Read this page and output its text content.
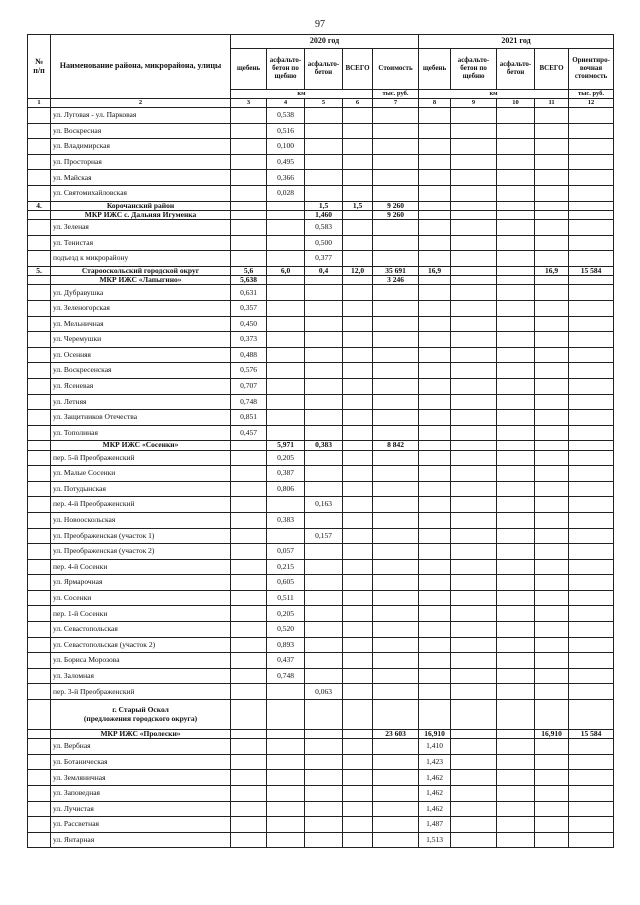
97
№
п/п	Наименование района, микрорайона, улицы	2020 год					2021 год				
		щебень	асфальто-бетон по щебню	асфальто-бетон	ВСЕГО	Стоимость	щебень	асфальто-бетон по щебню	асфальто-бетон	ВСЕГО	Ориентиро-вочная стоимость
		км				тыс. руб.	км				тыс. руб.
1	2	3	4	5	6	7	8	9	10	11	12
	ул. Луговая - ул. Парковая		0,538								
	ул. Воскресная		0,516								
	ул. Владимирская		0,100								
	ул. Просторная		0,495								
	ул. Майская		0,366								
	ул. Святомихайловская		0,028								
4.	Корочанский район			1,5	1,5	9 260					
	МКР ИЖС с. Дальняя Игуменка			1,460		9 260					
	ул. Зеленая			0,583							
	ул. Тенистая			0,500							
	подъезд к микрорайону			0,377							
5.	Старооскольский городской округ	5,6	6,0	0,4	12,0	35 691	16,9			16,9	15 584
	МКР ИЖС «Лапыгино»	5,638				3 246					
	ул. Дубравушка	0,631									
	ул. Зеленогорская	0,357									
	ул. Мельничная	0,450									
	ул. Черемушки	0,373									
	ул. Осенняя	0,488									
	ул. Воскресенская	0,576									
	ул. Ясеневая	0,707									
	ул. Летняя	0,748									
	ул. Защитников Отечества	0,851									
	ул. Тополиная	0,457									
	МКР ИЖС «Сосенки»		5,971	0,383		8 842					
	пер. 5-й Преображенский		0,205								
	ул. Малые Сосенки		0,387								
	ул. Потудынская		0,806								
	пер. 4-й Преображенский			0,163							
	ул. Новооскольская		0,383								
	ул. Преображенская (участок 1)			0,157							
	ул. Преображенская (участок 2)		0,057								
	пер. 4-й Сосенки		0,215								
	ул. Ярмарочная		0,605								
	ул. Сосенки		0,511								
	пер. 1-й Сосенки		0,205								
	ул. Севастопольская		0,520								
	ул. Севастопольская (участок 2)		0,893								
	ул. Бориса Морозова		0,437								
	ул. Заломная		0,748								
	пер. 3-й Преображенский			0,063							
	г. Старый Оскол
(предложения городского округа)										
	МКР ИЖС «Пролески»					23 603	16,910			16,910	15 584
	ул. Вербная						1,410				
	ул. Ботаническая						1,423				
	ул. Земляничная						1,462				
	ул. Заповедная						1,462				
	ул. Лучистая						1,462				
	ул. Рассветная						1,487				
	ул. Янтарная						1,513				
